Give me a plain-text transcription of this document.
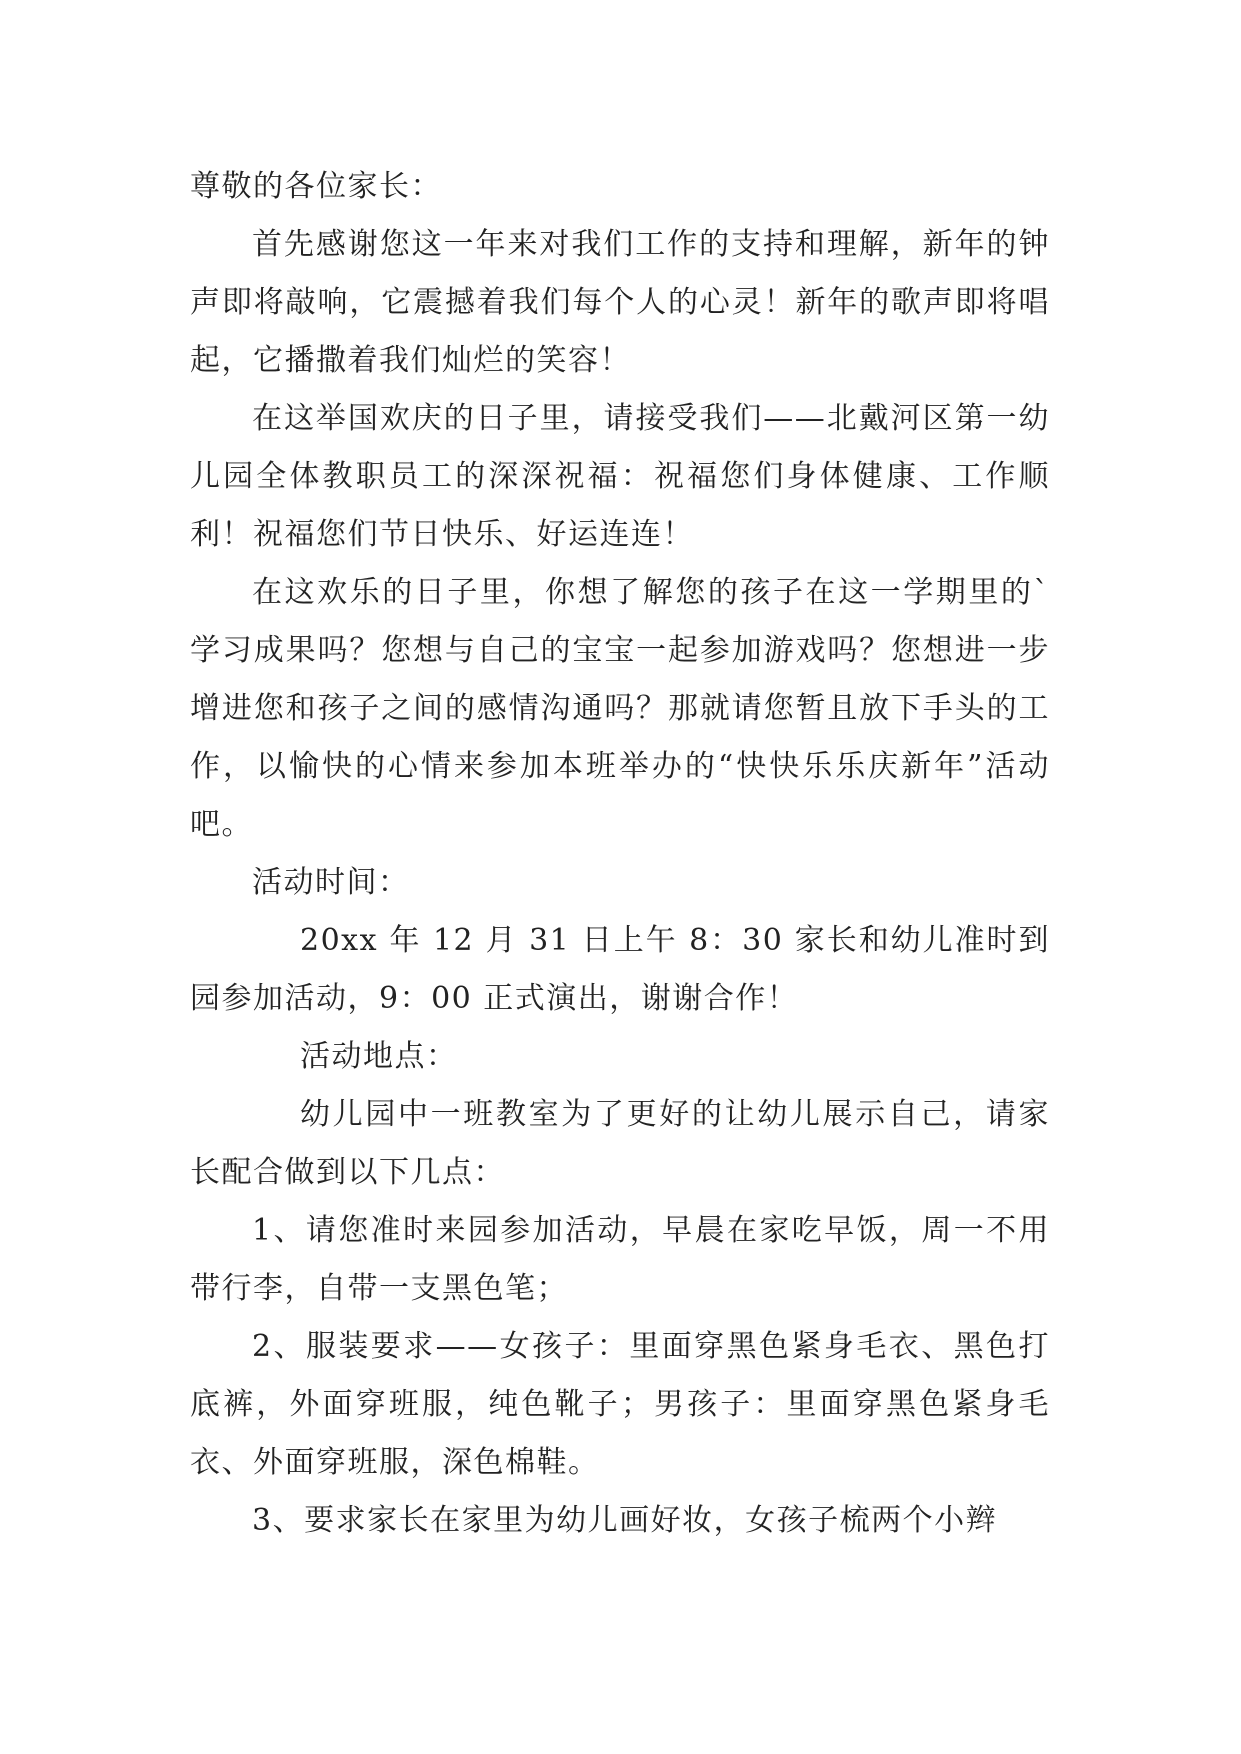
尊敬的各位家长：

首先感谢您这一年来对我们工作的支持和理解，新年的钟声即将敲响，它震撼着我们每个人的心灵！新年的歌声即将唱起，它播撒着我们灿烂的笑容！

在这举国欢庆的日子里，请接受我们——北戴河区第一幼儿园全体教职员工的深深祝福：祝福您们身体健康、工作顺利！祝福您们节日快乐、好运连连！

在这欢乐的日子里，你想了解您的孩子在这一学期里的`学习成果吗？您想与自己的宝宝一起参加游戏吗？您想进一步增进您和孩子之间的感情沟通吗？那就请您暂且放下手头的工作，以愉快的心情来参加本班举办的“快快乐乐庆新年”活动吧。

活动时间：

20xx 年 12 月 31 日上午 8：30 家长和幼儿准时到园参加活动，9：00 正式演出，谢谢合作！

活动地点：

幼儿园中一班教室为了更好的让幼儿展示自己，请家长配合做到以下几点：

1、请您准时来园参加活动，早晨在家吃早饭，周一不用带行李，自带一支黑色笔；

2、服装要求——女孩子：里面穿黑色紧身毛衣、黑色打底裤，外面穿班服，纯色靴子；男孩子：里面穿黑色紧身毛衣、外面穿班服，深色棉鞋。

3、要求家长在家里为幼儿画好妆，女孩子梳两个小辫
